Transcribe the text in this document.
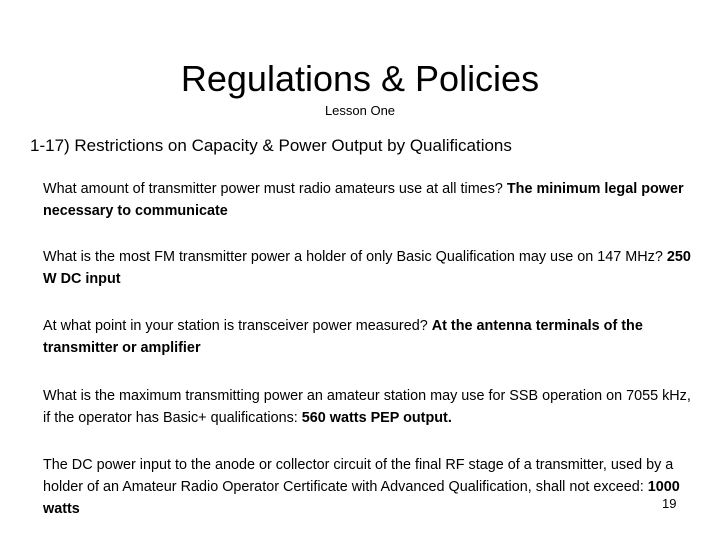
Regulations & Policies
Lesson One
1-17) Restrictions on Capacity & Power Output by Qualifications
What amount of transmitter power must radio amateurs use at all times? The minimum legal power necessary to communicate
What is the most FM transmitter power a holder of only Basic Qualification may use on 147 MHz? 250 W DC input
At what point in your station is transceiver power measured? At the antenna terminals of the transmitter or amplifier
What is the maximum transmitting power an amateur station may use for SSB operation on 7055 kHz, if the operator has Basic+ qualifications: 560 watts PEP output.
The DC power input to the anode or collector circuit of the final RF stage of a transmitter, used by a holder of an Amateur Radio Operator Certificate with Advanced Qualification, shall not exceed: 1000 watts	19
